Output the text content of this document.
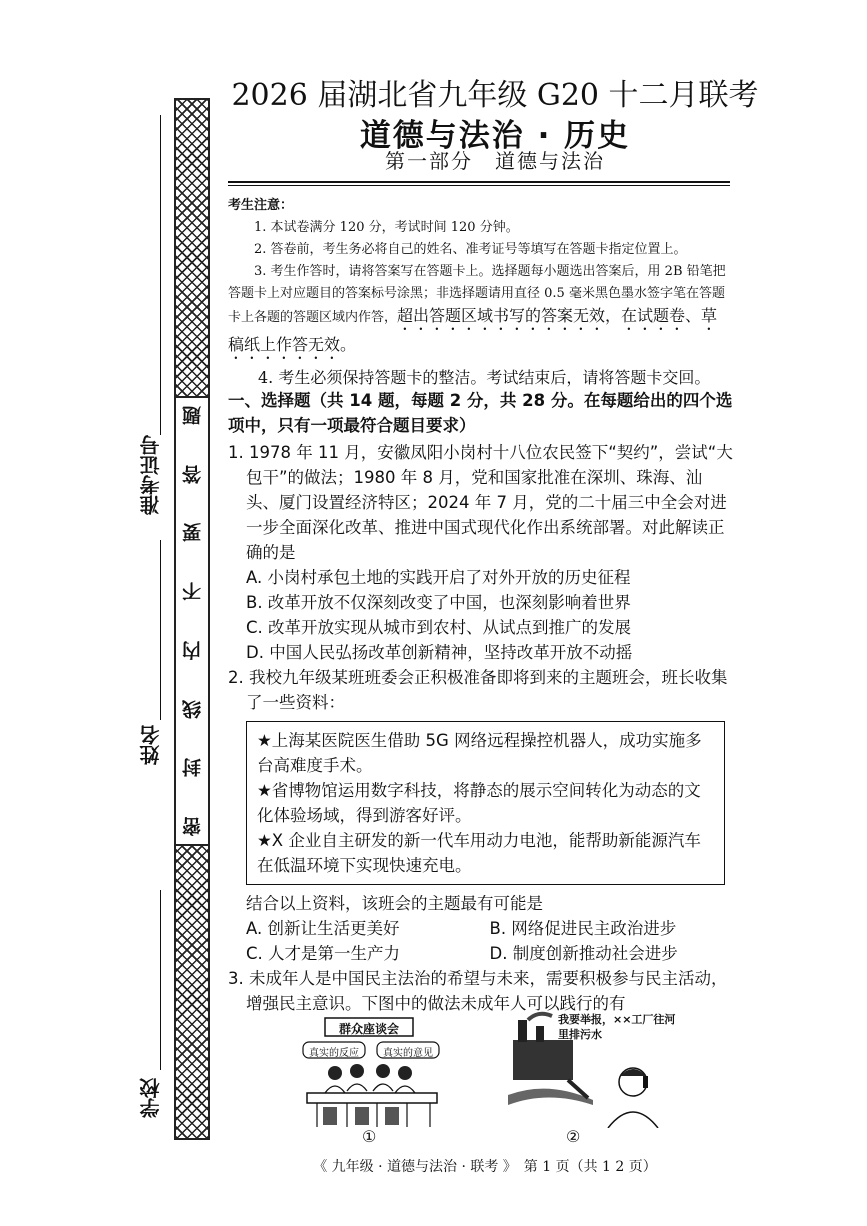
题
答
要
不
内
线
封
密
准考证号
姓名
学校
2026 届湖北省九年级 G20 十二月联考
道德与法治 · 历史
第一部分　道德与法治

考生注意：

1. 本试卷满分 120 分，考试时间 120 分钟。

2. 答卷前，考生务必将自己的姓名、准考证号等填写在答题卡指定位置上。

3. 考生作答时，请将答案写在答题卡上。选择题每小题选出答案后，用 2B 铅笔把答题卡上对应题目的答案标号涂黑；非选择题请用直径 0.5 毫米黑色墨水签字笔在答题卡上各题的答题区域内作答，超出答题区域书写的答案无效，在试题卷、草稿纸上作答无效。

4. 考生必须保持答题卡的整洁。考试结束后，请将答题卡交回。

一、选择题（共 14 题，每题 2 分，共 28 分。在每题给出的四个选项中，只有一项最符合题目要求）

1. 1978 年 11 月，安徽凤阳小岗村十八位农民签下“契约”，尝试“大包干”的做法；1980 年 8 月，党和国家批准在深圳、珠海、汕头、厦门设置经济特区；2024 年 7 月，党的二十届三中全会对进一步全面深化改革、推进中国式现代化作出系统部署。对此解读正确的是

A. 小岗村承包土地的实践开启了对外开放的历史征程

B. 改革开放不仅深刻改变了中国，也深刻影响着世界

C. 改革开放实现从城市到农村、从试点到推广的发展

D. 中国人民弘扬改革创新精神，坚持改革开放不动摇

2. 我校九年级某班班委会正积极准备即将到来的主题班会，班长收集了一些资料：

★上海某医院医生借助 5G 网络远程操控机器人，成功实施多台高难度手术。

★省博物馆运用数字科技，将静态的展示空间转化为动态的文化体验场域，得到游客好评。

★X 企业自主研发的新一代车用动力电池，能帮助新能源汽车在低温环境下实现快速充电。

结合以上资料，该班会的主题最有可能是

A. 创新让生活更美好	B. 网络促进民主政治进步
C. 人才是第一生产力	D. 制度创新推动社会进步

3. 未成年人是中国民主法治的希望与未来，需要积极参与民主活动，增强民主意识。下图中的做法未成年人可以践行的有

群众座谈会
真实的反应	真实的意见
①
我要举报，××工厂往河里排污水
②
《 九年级 · 道德与法治 · 联考 》　第 1 页（共 1 2 页）
